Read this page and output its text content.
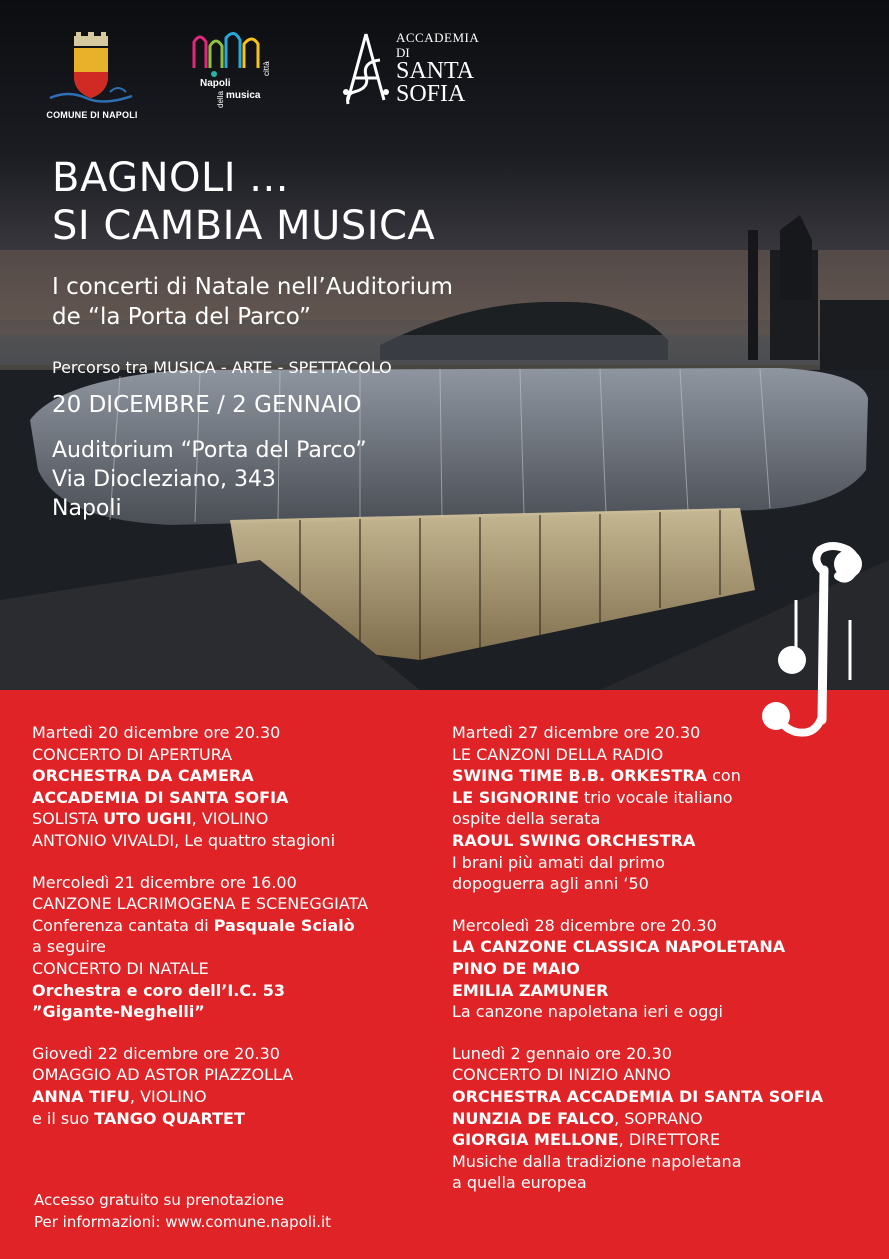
COMUNE DI NAPOLI
Napoli
musica
città
della
ACCADEMIA
DI
SANTA
SOFIA
BAGNOLI ...
SI CAMBIA MUSICA
I concerti di Natale nell’Auditorium
de “la Porta del Parco”
Percorso tra MUSICA - ARTE - SPETTACOLO
20 DICEMBRE / 2 GENNAIO
Auditorium “Porta del Parco”
Via Diocleziano, 343
Napoli
Martedì 20 dicembre ore 20.30
CONCERTO DI APERTURA
ORCHESTRA DA CAMERA
ACCADEMIA DI SANTA SOFIA
SOLISTA UTO UGHI, VIOLINO
ANTONIO VIVALDI, Le quattro stagioni
Mercoledì 21 dicembre ore 16.00
CANZONE LACRIMOGENA E SCENEGGIATA
Conferenza cantata di Pasquale Scialò
a seguire
CONCERTO DI NATALE
Orchestra e coro dell’I.C. 53
”Gigante-Neghelli”
Giovedì 22 dicembre ore 20.30
OMAGGIO AD ASTOR PIAZZOLLA
ANNA TIFU, VIOLINO
e il suo TANGO QUARTET
Martedì 27 dicembre ore 20.30
LE CANZONI DELLA RADIO
SWING TIME B.B. ORKESTRA con
LE SIGNORINE trio vocale italiano
ospite della serata
RAOUL SWING ORCHESTRA
I brani più amati dal primo
dopoguerra agli anni ‘50
Mercoledì 28 dicembre ore 20.30
LA CANZONE CLASSICA NAPOLETANA
PINO DE MAIO
EMILIA ZAMUNER
La canzone napoletana ieri e oggi
Lunedì 2 gennaio ore 20.30
CONCERTO DI INIZIO ANNO
ORCHESTRA ACCADEMIA DI SANTA SOFIA
NUNZIA DE FALCO, SOPRANO
GIORGIA MELLONE, DIRETTORE
Musiche dalla tradizione napoletana
a quella europea
Accesso gratuito su prenotazione
Per informazioni: www.comune.napoli.it
